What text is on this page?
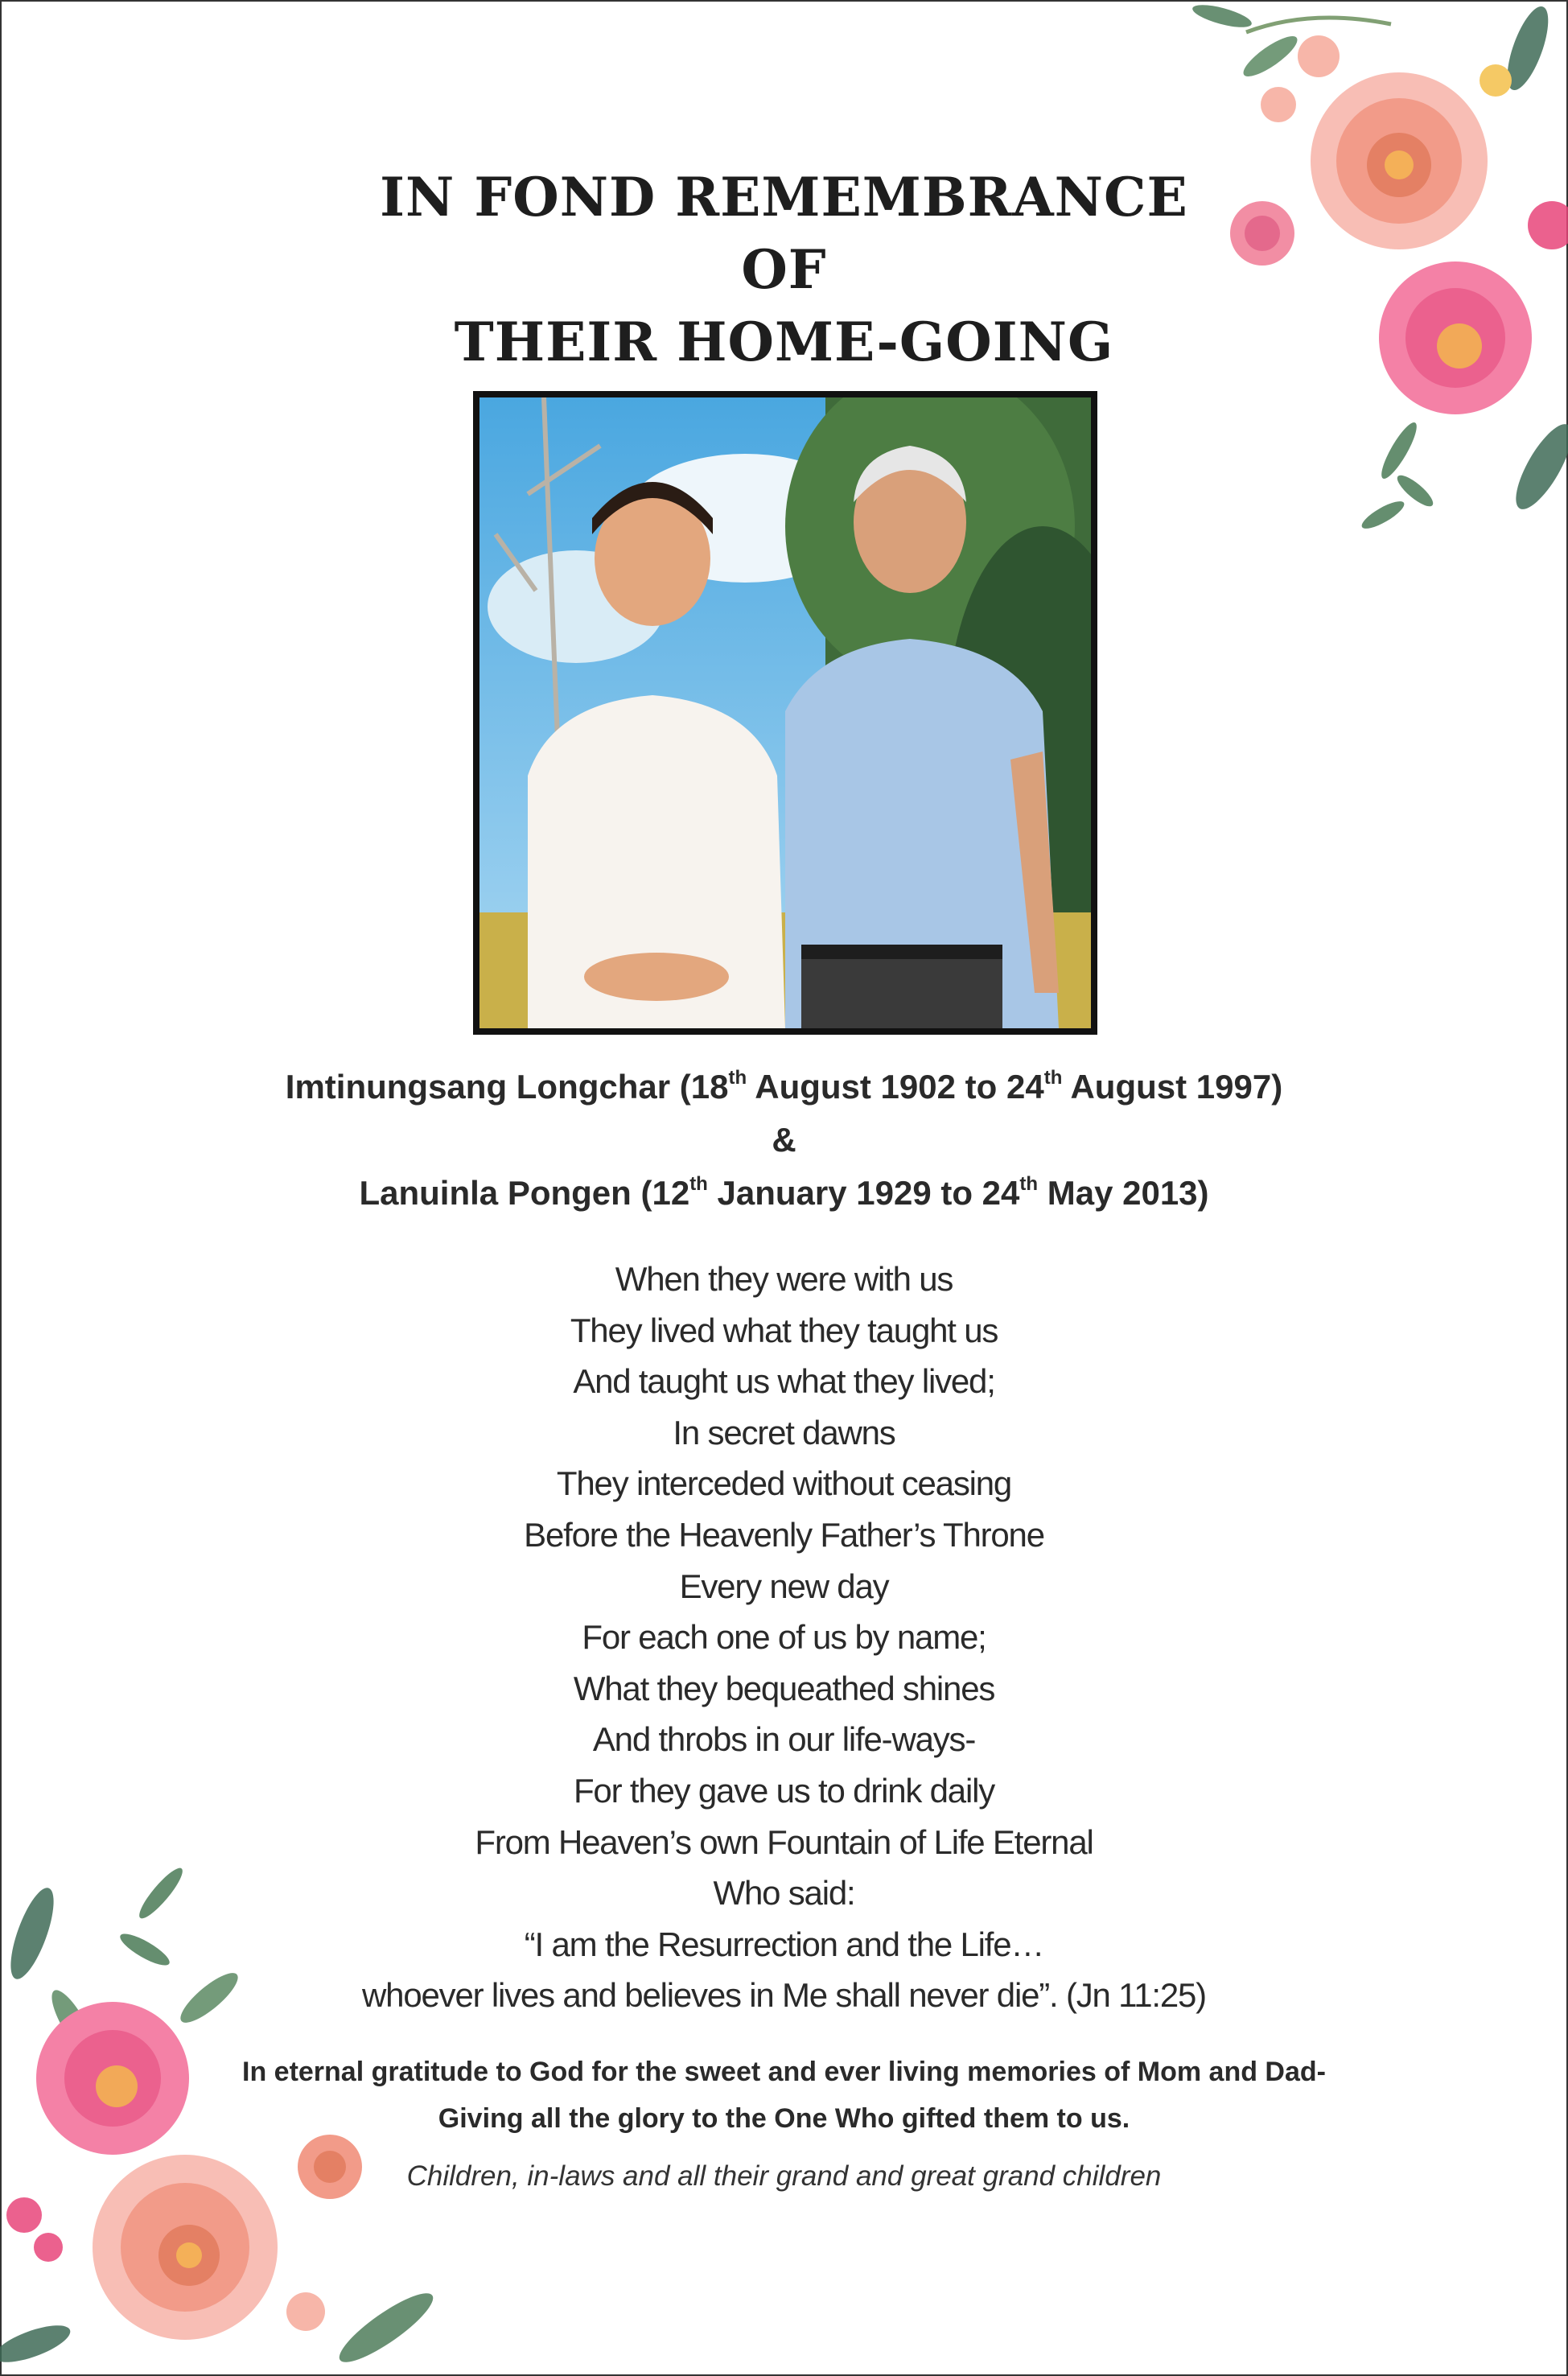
IN FOND REMEMBRANCE
OF
THEIR HOME-GOING
Imtinungsang Longchar (18th August 1902 to 24th August 1997)
&
Lanuinla Pongen (12th January 1929 to 24th May 2013)
When they were with us
They lived what they taught us
And taught us what they lived;
In secret dawns
They interceded without ceasing
Before the Heavenly Father’s Throne
Every new day
For each one of us by name;
What they bequeathed shines
And throbs in our life-ways-
For they gave us to drink daily
From Heaven’s own Fountain of Life Eternal
Who said:
“I am the Resurrection and the Life…
whoever lives and believes in Me shall never die”. (Jn 11:25)
In eternal gratitude to God for the sweet and ever living memories of Mom and Dad-
Giving all the glory to the One Who gifted them to us.
Children, in-laws and all their grand and great grand children
